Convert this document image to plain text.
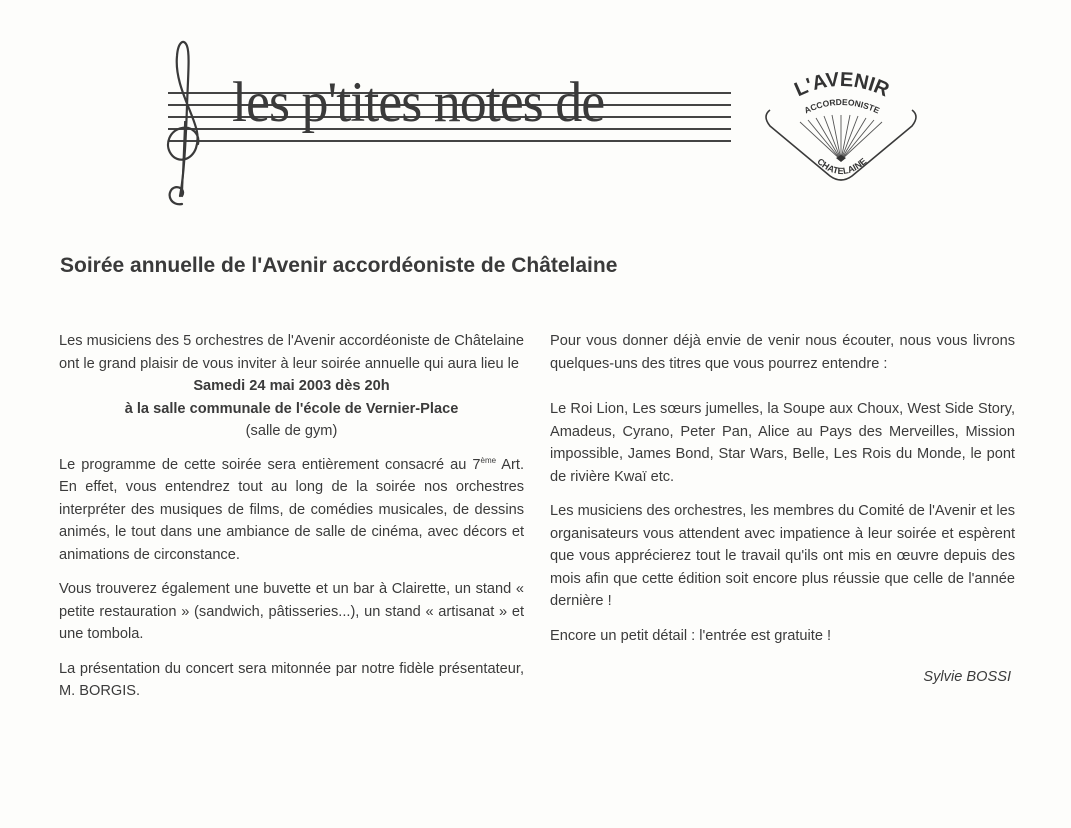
les p'tites notes de	L'AVENIR
ACCORDEONISTE
CHATELAINE
Soirée annuelle de l'Avenir accordéoniste de Châtelaine

Les musiciens des 5 orchestres de l'Avenir accordéoniste de Châtelaine ont le grand plaisir de vous inviter à leur soirée annuelle qui aura lieu le

Samedi 24 mai 2003 dès 20h
à la salle communale de l'école de Vernier-Place
(salle de gym)

Le programme de cette soirée sera entièrement consacré au 7ème Art. En effet, vous entendrez tout au long de la soirée nos orchestres interpréter des musiques de films, de comédies musicales, de dessins animés, le tout dans une ambiance de salle de cinéma, avec décors et animations de circonstance.

Vous trouverez également une buvette et un bar à Clairette, un stand « petite restauration » (sandwich, pâtisseries...), un stand « artisanat » et une tombola.

La présentation du concert sera mitonnée par notre fidèle présentateur, M. BORGIS.

Pour vous donner déjà envie de venir nous écouter, nous vous livrons quelques-uns des titres que vous pourrez entendre :

Le Roi Lion, Les sœurs jumelles, la Soupe aux Choux, West Side Story, Amadeus, Cyrano, Peter Pan, Alice au Pays des Merveilles, Mission impossible, James Bond, Star Wars, Belle, Les Rois du Monde, le pont de rivière Kwaï etc.

Les musiciens des orchestres, les membres du Comité de l'Avenir et les organisateurs vous attendent avec impatience à leur soirée et espèrent que vous apprécierez tout le travail qu'ils ont mis en œuvre depuis des mois afin que cette édition soit encore plus réussie que celle de l'année dernière !

Encore un petit détail : l'entrée est gratuite !

Sylvie BOSSI
